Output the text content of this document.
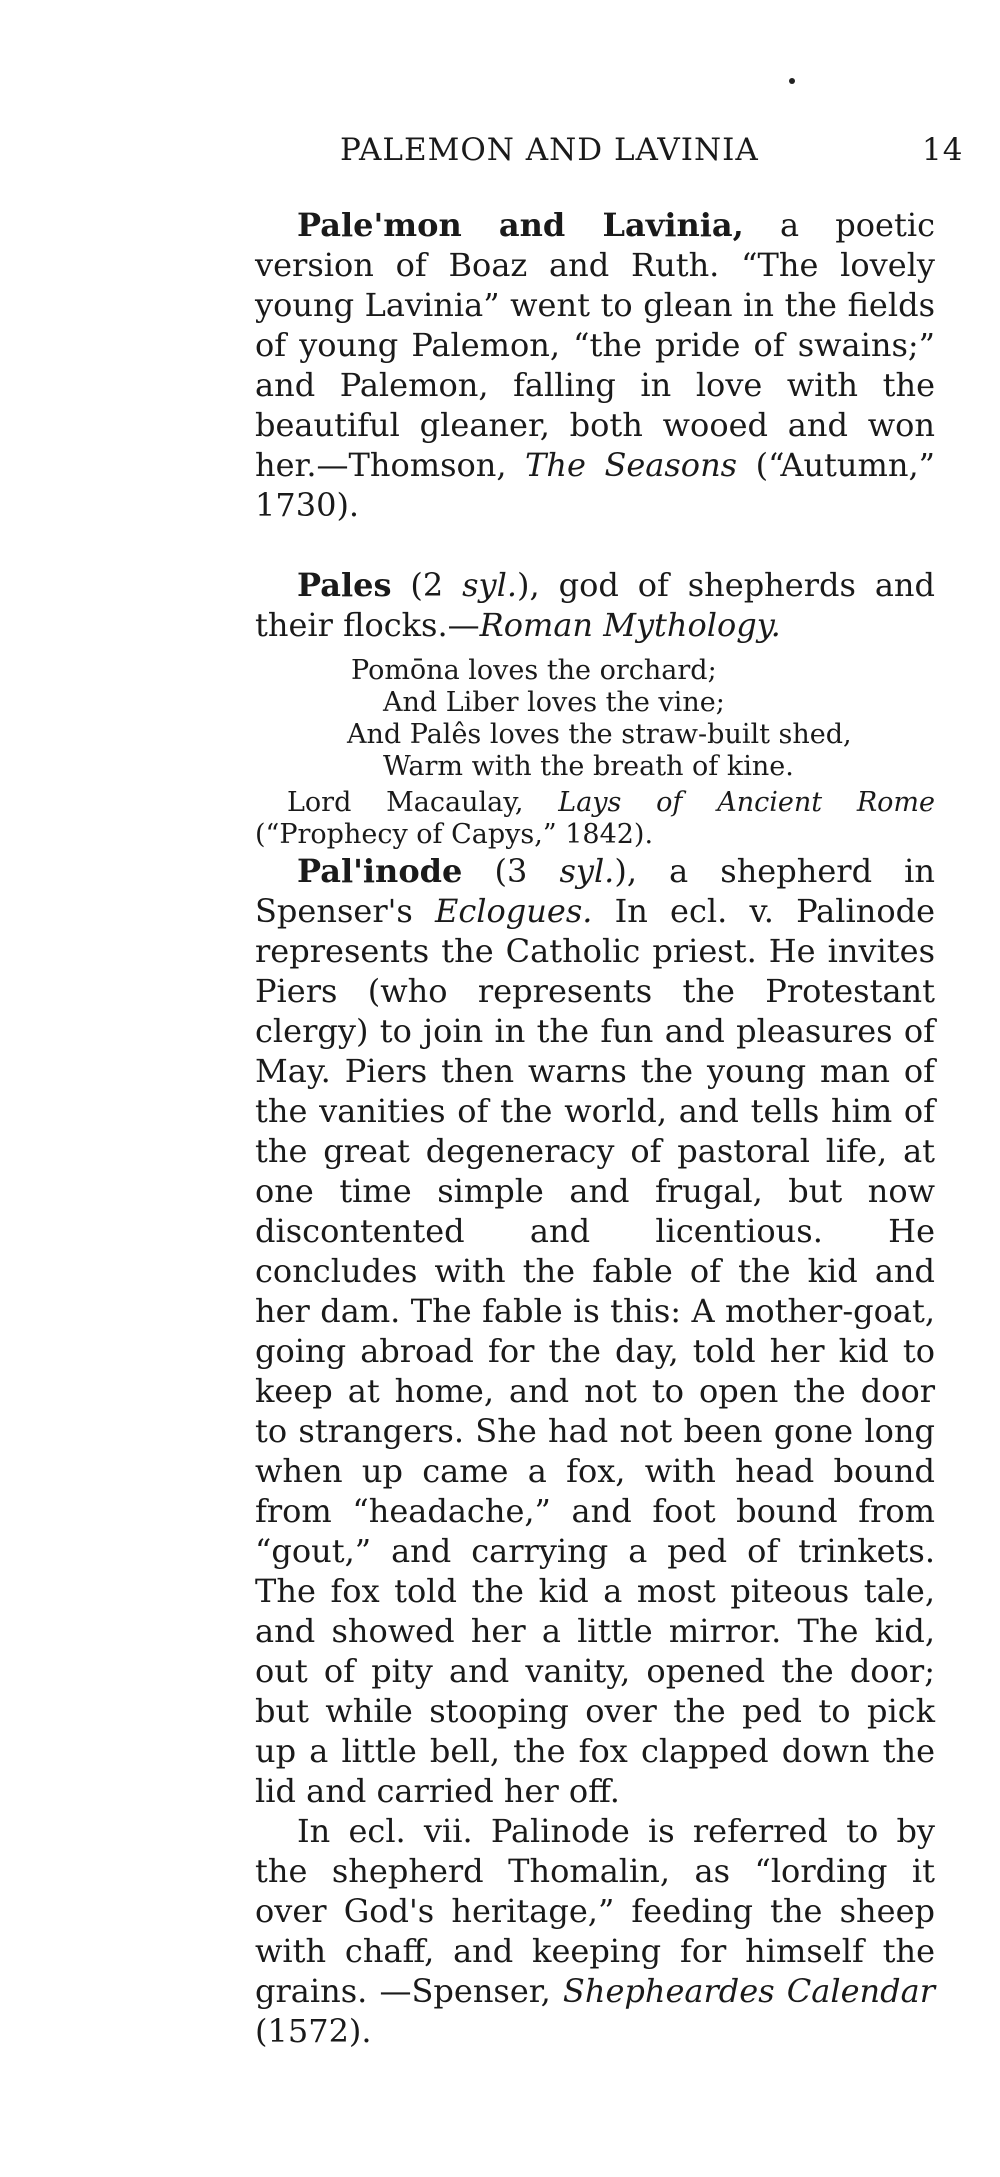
PALEMON AND LAVINIA	14

Pale'mon and Lavinia, a poetic version of Boaz and Ruth. “The lovely young Lavinia” went to glean in the fields of young Palemon, “the pride of swains;” and Palemon, falling in love with the beautiful gleaner, both wooed and won her.—Thomson, The Seasons (“Autumn,” 1730).

Pales (2 syl.), god of shepherds and their flocks.—Roman Mythology.

Pomōna loves the orchard;
And Liber loves the vine;
And Palês loves the straw-built shed,
Warm with the breath of kine.

Lord Macaulay, Lays of Ancient Rome (“Prophecy of Capys,” 1842).

Pal'inode (3 syl.), a shepherd in Spenser's Eclogues. In ecl. v. Palinode represents the Catholic priest. He invites Piers (who represents the Protestant clergy) to join in the fun and pleasures of May. Piers then warns the young man of the vanities of the world, and tells him of the great degeneracy of pastoral life, at one time simple and frugal, but now discontented and licentious. He concludes with the fable of the kid and her dam. The fable is this: A mother-goat, going abroad for the day, told her kid to keep at home, and not to open the door to strangers. She had not been gone long when up came a fox, with head bound from “headache,” and foot bound from “gout,” and carrying a ped of trinkets. The fox told the kid a most piteous tale, and showed her a little mirror. The kid, out of pity and vanity, opened the door; but while stooping over the ped to pick up a little bell, the fox clapped down the lid and carried her off.

In ecl. vii. Palinode is referred to by the shepherd Thomalin, as “lording it over God's heritage,” feeding the sheep with chaff, and keeping for himself the grains. —Spenser, Shepheardes Calendar (1572).
